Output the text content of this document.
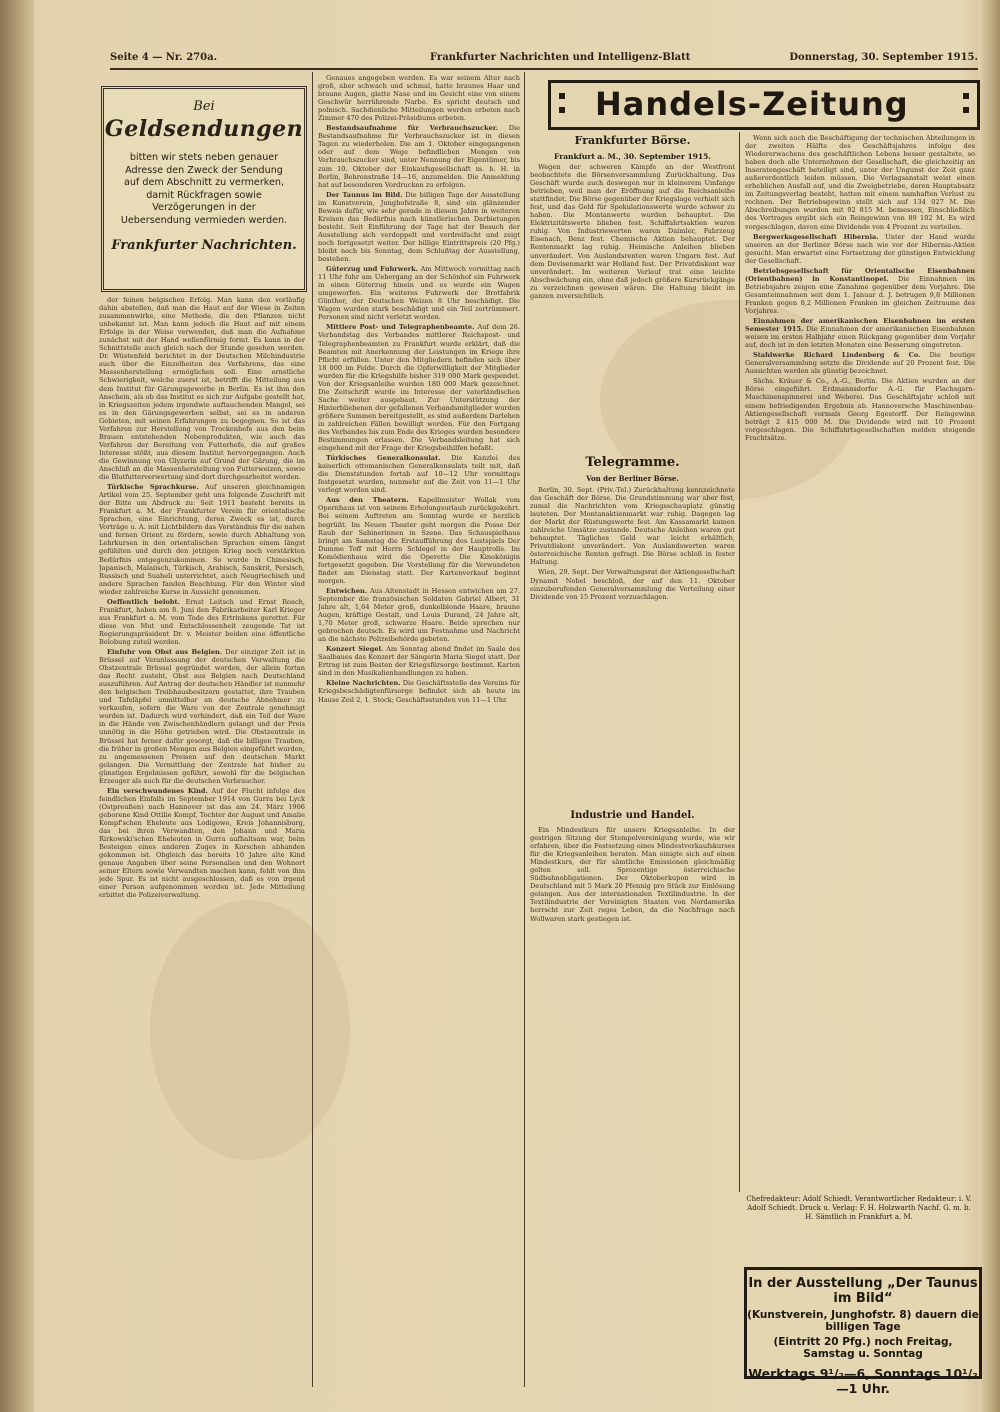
Seite 4 — Nr. 270a.	Frankfurter Nachrichten und Intelligenz-Blatt	Donnerstag, 30. September 1915.
Bei
Geldsendungen
bitten wir stets neben genauer Adresse den Zweck der Sendung auf dem Abschnitt zu vermerken, damit Rückfragen sowie Verzögerungen in der Uebersendung vermieden werden.
Frankfurter Nachrichten.

der feinen belgischen Erfolg. Man kann den vorläufig dahin abstellen, daß man die Haut auf der Wiese in Zeiten zusammenwirke, eine Methode, die den Pflanzen nicht unbekannt ist. Man kann jedoch die Haut auf mit einem Erfolge in der Weise verwenden, daß man die Aufnahme zunächst mit der Hand wellenförmig formt. Es kann in der Schnittstelle auch gleich nach der Stunde gesehen werden. Dr. Wüstenfeld berichtet in der Deutschen Milchindustrie auch über die Einzelheiten des Verfahrens, das eine Massenherstellung ermöglichen soll. Eine ernstliche Schwierigkeit, welche zuerst ist, betrifft die Mitteilung aus dem Institut für Gärungsgewerbe in Berlin. Es ist ihm den Anschein, als ob das Institut es sich zur Aufgabe gestellt hat, in Kriegszeiten jedem irgendwie auftauchenden Mangel, sei es in den Gärungsgewerben selbst, sei es in anderen Gebieten, mit seinen Erfahrungen zu begegnen. So ist das Verfahren zur Herstellung von Trockenhefe aus den beim Brauen entstehenden Nebenprodukten, wie auch das Verfahren der Bereitung von Futterhefe, die auf großes Interesse stößt, aus diesem Institut hervorgegangen. Auch die Gewinnung von Glyzerin auf Grund der Gärung, die im Anschluß an die Massenherstellung von Futterweizen, sowie die Blutfutterverwertung sind dort durchgearbeitet worden.

Türkische Sprachkurse. Auf unseren gleichnamigen Artikel vom 25. September geht uns folgende Zuschrift mit der Bitte um Abdruck zu: Seit 1911 besteht bereits in Frankfurt a. M. der Frankfurter Verein für orientalische Sprachen, eine Einrichtung, deren Zweck es ist, durch Vorträge u. A. mit Lichtbildern das Verständnis für die nahen und fernen Orient zu fördern, sowie durch Abhaltung von Lehrkursen in den orientalischen Sprachen einem längst gefühlten und durch den jetzigen Krieg noch verstärkten Bedürfnis entgegenzukommen. So wurde in Chinesisch, Japanisch, Malaiisch, Türkisch, Arabisch, Sanskrit, Persisch, Russisch und Suaheli unterrichtet, auch Neugriechisch und andere Sprachen fanden Beachtung. Für den Winter sind wieder zahlreiche Kurse in Aussicht genommen.

Oeffentlich belobt. Ernst Leitsch und Ernst Roach, Frankfurt, haben am 8. Juni den Fabrikarbeiter Karl Krieger aus Frankfurt a. M. vom Tode des Ertrinkens gerettet. Für diese von Mut und Entschlossenheit zeugende Tat ist Regierungspräsident Dr. v. Meister beiden eine öffentliche Belobung zuteil werden.

Einfuhr von Obst aus Belgien. Der einziger Zeit ist in Brüssel auf Veranlassung der deutschen Verwaltung die Obstzentrale Brüssel gegründet worden, der allein fortan das Recht zusteht, Obst aus Belgien nach Deutschland auszuführen. Auf Antrag der deutschen Händler ist nunmehr den belgischen Treibhausbesitzern gestattet, ihre Trauben und Tafeläpfel unmittelbar an deutsche Abnehmer zu verkaufen, sofern die Ware von der Zentrale genehmigt worden ist. Dadurch wird verhindert, daß ein Teil der Ware in die Hände von Zwischenhändlern gelangt und der Preis unnötig in die Höhe getrieben wird. Die Obstzentrale in Brüssel hat ferner dafür gesorgt, daß die billigen Trauben, die früher in großen Mengen aus Belgien eingeführt wurden, zu angemessenen Preisen auf den deutschen Markt gelangen. Die Vermittlung der Zentrale hat bisher zu günstigen Ergebnissen geführt, sowohl für die belgischen Erzeuger als auch für die deutschen Verbraucher.

Ein verschwundenes Kind. Auf der Flucht infolge des feindlichen Einfalls im September 1914 von Gurra bei Lyck (Ostpreußen) nach Hannover ist das am 24. März 1906 geborene Kind Ottilie Kompf, Tochter der August und Amalie Kompf'schen Eheleute aus Lodigowo, Kreis Johannisburg, das bei ihren Verwandten, den Johann und Maria Rirkowski'schen Eheleuten in Gurra aufhaltsam war, beim Besteigen eines anderen Zuges in Korschen abhanden gekommen ist. Obgleich das bereits 10 Jahre alte Kind genaue Angaben über seine Personalien und den Wohnort seiner Eltern sowie Verwandten machen kann, fehlt von ihm jede Spur. Es ist nicht ausgeschlossen, daß es von irgend einer Person aufgenommen worden ist. Jede Mitteilung erbittet die Polizeiverwaltung.

Genaues angegeben werden. Es war seinem Alter nach groß, aber schwach und schmal, hatte braunes Haar und braune Augen, glatte Nase und im Gesicht eine von einem Geschwür herrührende Narbe. Es spricht deutsch und polnisch. Sachdienliche Mitteilungen werden erbeten nach Zimmer 470 des Polizei-Präsidiums erbeten.

Bestandsaufnahme für Verbrauchszucker. Die Bestandsaufnahme für Verbrauchszucker ist in diesen Tagen zu wiederholen. Die am 1. Oktober eingegangenen oder auf dem Wege befindlichen Mengen von Verbrauchszucker sind, unter Nennung der Eigentümer, bis zum 10. Oktober der Einkaufsgesellschaft m. b. H. in Berlin, Behrenstraße 14—16, anzumelden. Die Anmeldung hat auf besonderen Vordrucken zu erfolgen.

Der Taunus im Bild. Die billigen Tage der Ausstellung im Kunstverein, Junghofstraße 8, sind ein glänzender Beweis dafür, wie sehr gerade in diesem Jahre in weiteren Kreisen das Bedürfnis nach künstlerischen Darbietungen besteht. Seit Einführung der Tage hat der Besuch der Ausstellung sich verdoppelt und verdreifacht und zeigt noch fortgesetzt weiter. Der billige Eintrittspreis (20 Pfg.) bleibt noch bis Sonntag, dem Schlußtag der Ausstellung, bestehen.

Güterzug und Fuhrwerk. Am Mittwoch vormittag nach 11 Uhr fuhr am Uebergang an der Schönhof ein Fuhrwerk in einen Güterzug hinein und es wurde ein Wagen umgeworfen. Ein weiteres Fuhrwerk der Brotfabrik Günther, der Deutschen Weizen 8 Uhr beschädigt. Die Wagen wurden stark beschädigt und ein Teil zertrümmert. Personen sind nicht verletzt worden.

Mittlere Post- und Telegraphenbeamte. Auf dem 26. Verbandstag des Verbandes mittlerer Reichspost- und Telegraphenbeamten zu Frankfurt wurde erklärt, daß die Beamten mit Anerkennung der Leistungen im Kriege ihre Pflicht erfüllen. Unter den Mitgliedern befinden sich über 18 000 im Felde. Durch die Opferwilligkeit der Mitglieder wurden für die Kriegshilfe bisher 319 000 Mark gespendet. Von der Kriegsanleihe wurden 180 000 Mark gezeichnet. Die Zeitschrift wurde im Interesse der vaterländischen Sache weiter ausgebaut. Zur Unterstützung der Hinterbliebenen der gefallenen Verbandsmitglieder wurden größere Summen bereitgestellt, es sind außerdem Darlehen in zahlreichen Fällen bewilligt worden. Für den Fortgang des Verbandes bis zum Ende des Krieges wurden besondere Bestimmungen erlassen. Die Verbandsleitung hat sich eingehend mit der Frage der Kriegsbeihilfen befaßt.

Türkisches Generalkonsulat. Die Kanzlei des kaiserlich ottomanischen Generalkonsulats teilt mit, daß die Dienststunden fortab auf 10—12 Uhr vormittags festgesetzt wurden, nunmehr auf die Zeit von 11—1 Uhr verlegt worden sind.

Aus den Theatern. Kapellmeister Wollak vom Opernhaus ist von seinem Erholungsurlaub zurückgekehrt. Bei seinem Auftreten am Sonntag wurde er herzlich begrüßt. Im Neuen Theater geht morgen die Posse Der Raub der Sabinerinnen in Szene. Das Schauspielhaus bringt am Samstag die Erstaufführung des Lustspiels Der Dumme Toff mit Herrn Schlegel in der Hauptrolle. Im Komödienhaus wird die Operette Die Kinokönigin fortgesetzt gegeben. Die Vorstellung für die Verwundeten findet am Dienstag statt. Der Kartenverkauf beginnt morgen.

Entwichen. Aus Altenstadt in Hessen entwichen am 27. September die französischen Soldaten Gabriel Albert, 31 Jahre alt, 1,64 Meter groß, dunkelblonde Haare, braune Augen, kräftige Gestalt, und Louis Durand, 24 Jahre alt, 1,70 Meter groß, schwarze Haare. Beide sprechen nur gebrochen deutsch. Es wird um Festnahme und Nachricht an die nächste Polizeibehörde gebeten.

Konzert Siegel. Am Sonntag abend findet im Saale des Saalbaues das Konzert der Sängerin Maria Siegel statt. Der Ertrag ist zum Besten der Kriegsfürsorge bestimmt. Karten sind in den Musikalienhandlungen zu haben.

Kleine Nachrichten. Die Geschäftsstelle des Vereins für Kriegsbeschädigtenfürsorge befindet sich ab heute im Hause Zeil 2, 1. Stock; Geschäftsstunden von 11—1 Uhr.

Handels-Zeitung
Frankfurter Börse.
Frankfurt a. M., 30. September 1915.

Wegen der schweren Kämpfe an der Westfront beobachtete die Börsenversammlung Zurückhaltung. Das Geschäft wurde auch deswegen nur in kleinerem Umfange betrieben, weil man der Eröffnung auf die Reichsanleihe stattfindet. Die Börse gegenüber der Kriegslage verhielt sich fest, und das Geld für Spekulationswerte wurde schwer zu haben. Die Montanwerte wurden behauptet. Die Elektrizitätswerte blieben fest. Schiffahrtsaktien waren ruhig. Von Industriewerten waren Daimler, Fahrzeug Eisenach, Benz fest. Chemische Aktien behauptet. Der Rentenmarkt lag ruhig. Heimische Anleihen blieben unverändert. Von Auslandsrenten waren Ungarn fest. Auf dem Devisenmarkt war Holland fest. Der Privatdiskont war unverändert. Im weiteren Verlauf trat eine leichte Abschwächung ein, ohne daß jedoch größere Kursrückgänge zu verzeichnen gewesen wären. Die Haltung bleibt im ganzen zuversichtlich.

Telegramme.
Von der Berliner Börse.

Berlin, 30. Sept. (Priv.-Tel.) Zurückhaltung kennzeichnete das Geschäft der Börse. Die Grundstimmung war aber fest, zumal die Nachrichten vom Kriegsschauplatz günstig lauteten. Der Montanaktienmarkt war ruhig. Dagegen lag der Markt der Rüstungswerte fest. Am Kassamarkt kamen zahlreiche Umsätze zustande. Deutsche Anleihen waren gut behauptet. Tägliches Geld war leicht erhältlich, Privatdiskont unverändert. Von Auslandswerten waren österreichische Renten gefragt. Die Börse schloß in fester Haltung.

Wien, 29. Sept. Der Verwaltungsrat der Aktiengesellschaft Dynamit Nobel beschloß, der auf den 11. Oktober einzuberufenden Generalversammlung die Verteilung einer Dividende von 15 Prozent vorzuschlagen.

Industrie und Handel.

Ein Mindestkurs für unsere Kriegsanleihe. In der gestrigen Sitzung der Stempelvereinigung wurde, wie wir erfahren, über die Festsetzung eines Mindestverkaufskurses für die Kriegsanleihen beraten. Man einigte sich auf einen Mindestkurs, der für sämtliche Emissionen gleichmäßig gelten soll. Sprozentige österreichische Südbahnobligationen. Der Oktoberkupon wird in Deutschland mit 5 Mark 20 Pfennig pro Stück zur Einlösung gelangen. Aus der internationalen Textilindustrie. In der Textilindustrie der Vereinigten Staaten von Nordamerika herrscht zur Zeit reges Leben, da die Nachfrage nach Wollwaren stark gestiegen ist.

Wenn sich auch die Beschäftigung der technischen Abteilungen in der zweiten Hälfte des Geschäftsjahres infolge des Wiedererwachens des geschäftlichen Lebens besser gestaltete, so haben doch alle Unternehmen der Gesellschaft, die gleichzeitig an Inseratengeschäft beteiligt sind, unter der Ungunst der Zeit ganz außerordentlich leiden müssen. Die Verlagsanstalt weist einen erheblichen Ausfall auf, und die Zweigbetriebe, deren Hauptabsatz im Zeitungsverlag besteht, hatten mit einem namhaften Verlust zu rechnen. Der Betriebsgewinn stellt sich auf 134 027 M. Die Abschreibungen wurden mit 92 815 M. bemessen, Einschließlich des Vortrages ergibt sich ein Reingewinn von 89 102 M. Es wird vorgeschlagen, davon eine Dividende von 4 Prozent zu verteilen.

Bergwerksgesellschaft Hibernia. Unter der Hand wurde unseren an der Berliner Börse nach wie vor der Hibernia-Aktien gesucht. Man erwartet eine Fortsetzung der günstigen Entwicklung der Gesellschaft.

Betriebsgesellschaft für Orientalische Eisenbahnen (Orientbahnen) in Konstantinopel. Die Einnahmen im Betriebsjahre zeigen eine Zunahme gegenüber dem Vorjahre. Die Gesamteinnahmen seit dem 1. Januar d. J. betrugen 9,8 Millionen Franken gegen 8,2 Millionen Franken im gleichen Zeitraume des Vorjahres.

Einnahmen der amerikanischen Eisenbahnen im ersten Semester 1915. Die Einnahmen der amerikanischen Eisenbahnen weisen im ersten Halbjahr einen Rückgang gegenüber dem Vorjahr auf, doch ist in den letzten Monaten eine Besserung eingetreten.

Stahlwerke Richard Lindenberg & Co. Die heutige Generalversammlung setzte die Dividende auf 20 Prozent fest. Die Aussichten werden als günstig bezeichnet.

Sächs. Kräuer & Co., A.-G., Berlin. Die Aktien wurden an der Börse eingeführt. Erdmannsdorfer A.-G. für Flachsgarn-Maschinenspinnerei und Weberei. Das Geschäftsjahr schloß mit einem befriedigenden Ergebnis ab. Hannoversche Maschinenbau-Aktiengesellschaft vormals Georg Egestorff. Der Reingewinn beträgt 2 415 000 M. Die Dividende wird mit 10 Prozent vorgeschlagen. Die Schiffahrtsgesellschaften melden steigende Frachtsätze.

Chefredakteur: Adolf Schiedt. Verantwortlicher Redakteur: i. V. Adolf Schiedt. Druck u. Verlag: F. H. Holzwarth Nachf. G. m. b. H. Sämtlich in Frankfurt a. M.
In der Ausstellung „Der Taunus im Bild“
(Kunstverein, Junghofstr. 8) dauern die billigen Tage
(Eintritt 20 Pfg.) noch Freitag, Samstag u. Sonntag
Werktags 9¹/₂—6, Sonntags 10¹/₂—1 Uhr.
